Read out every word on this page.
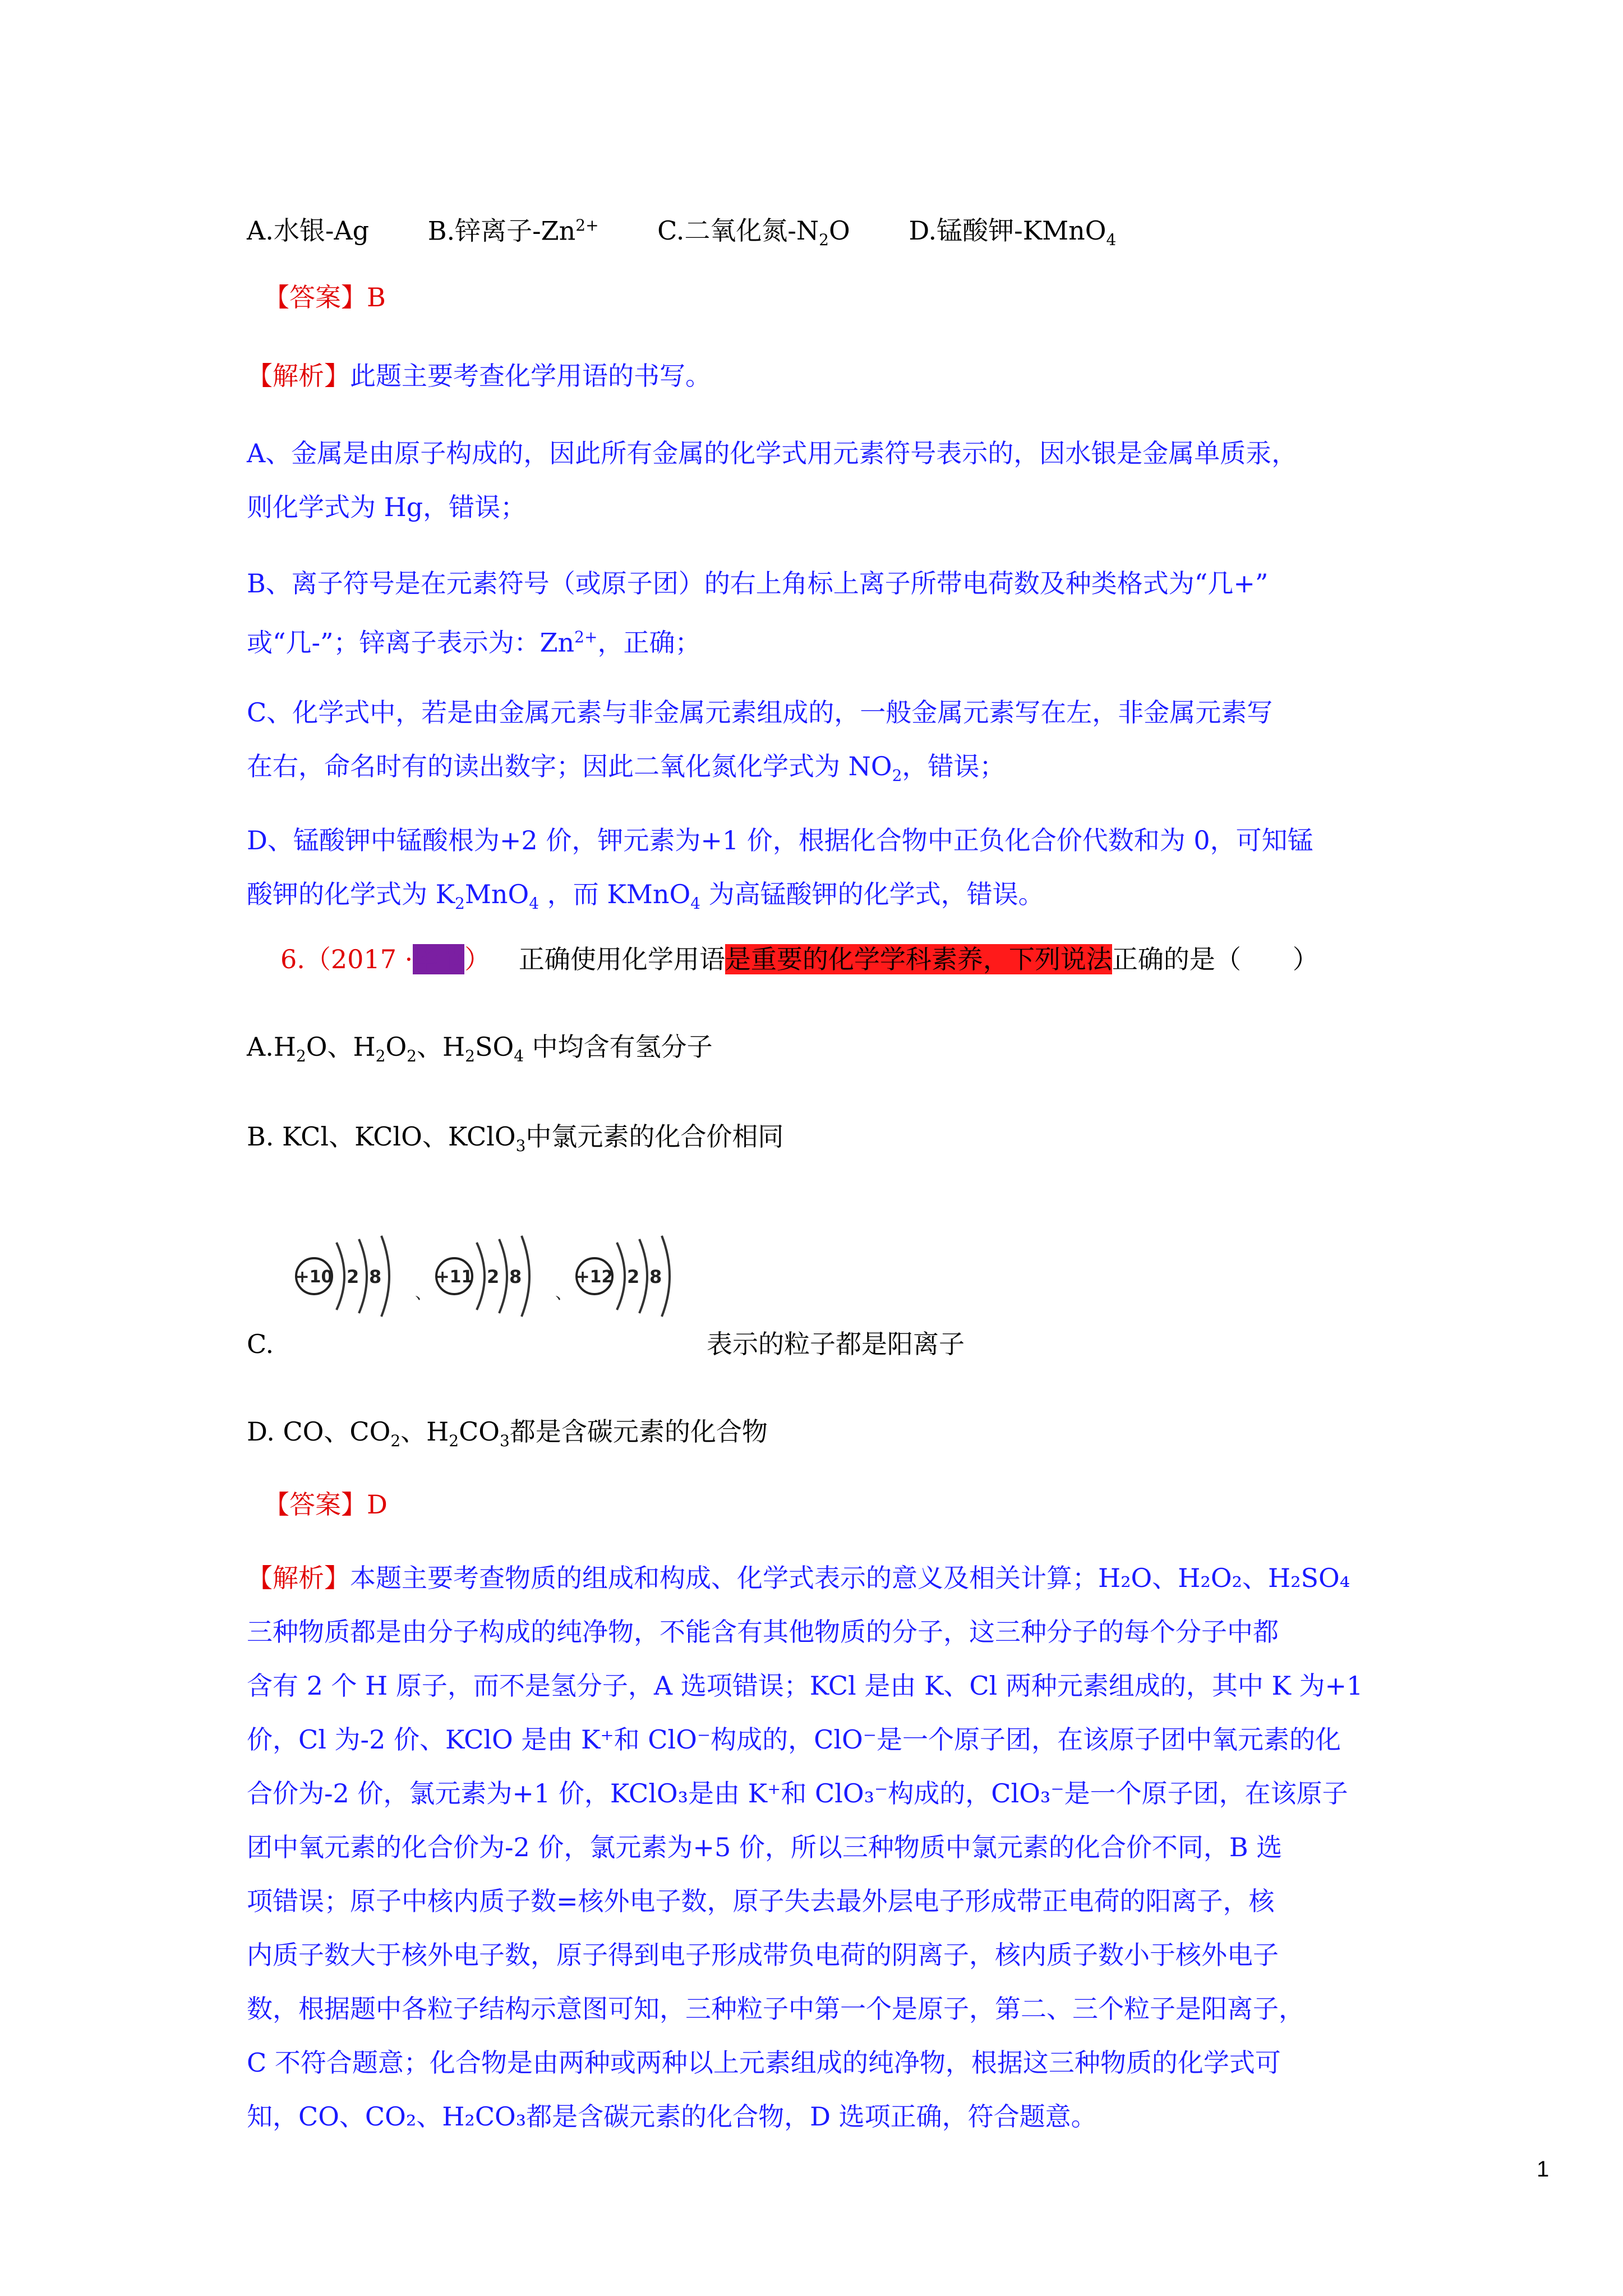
A.水银-Ag B.锌离子$-Zn^{2+}$ C.二氧化氮$-N_2O$ D.锰酸钾-KMnO$_4$
【答案】B
【解析】此题主要考查化学用语的书写。
A、金属是由原子构成的，因此所有金属的化学式用元素符号表示的，因水银是金属单质汞，
则化学式为 Hg，错误；
B、离子符号是在元素符号（或原子团）的右上角标上离子所带电荷数及种类格式为“几+”
或“几-”；锌离子表示为：$Zn^{2+}$，正确；
C、化学式中，若是由金属元素与非金属元素组成的，一般金属元素写在左，非金属元素写
在右，命名时有的读出数字；因此二氧化氮化学式为 $NO_2$，错误；
D、锰酸钾中锰酸根为+2 价，钾元素为+1 价，根据化合物中正负化合价代数和为 0，可知锰
酸钾的化学式为 $K_2MnO_4$ ，而 KMnO$_4$ 为高锰酸钾的化学式，错误。
6.（2017 ·毕节） 正确使用化学用语是重要的化学学科素养，下列说法正确的是（　　）
$A.H_2O$、$H_2O_2$、$H_2SO_4$ 中均含有氢分子
B. KCl、KClO、KClO$_3$中氯元素的化合价相同
+10 2 8
、
+11 2 8
、
+12 2 8
C.	表示的粒子都是阳离子
D. CO、$CO_2$、$H_2CO_3$都是含碳元素的化合物
【答案】D
【解析】本题主要考查物质的组成和构成、化学式表示的意义及相关计算；H₂O、H₂O₂、H₂SO₄
三种物质都是由分子构成的纯净物，不能含有其他物质的分子，这三种分子的每个分子中都
含有 2 个 H 原子，而不是氢分子，A 选项错误；KCl 是由 K、Cl 两种元素组成的，其中 K 为+1
价，Cl 为-2 价、KClO 是由 K⁺和 ClO⁻构成的，ClO⁻是一个原子团，在该原子团中氧元素的化
合价为-2 价，氯元素为+1 价，KClO₃是由 K⁺和 ClO₃⁻构成的，ClO₃⁻是一个原子团，在该原子
团中氧元素的化合价为-2 价，氯元素为+5 价，所以三种物质中氯元素的化合价不同，B 选
项错误；原子中核内质子数=核外电子数，原子失去最外层电子形成带正电荷的阳离子，核
内质子数大于核外电子数，原子得到电子形成带负电荷的阴离子，核内质子数小于核外电子
数，根据题中各粒子结构示意图可知，三种粒子中第一个是原子，第二、三个粒子是阳离子，
C 不符合题意；化合物是由两种或两种以上元素组成的纯净物，根据这三种物质的化学式可
知，CO、CO₂、H₂CO₃都是含碳元素的化合物，D 选项正确，符合题意。
1
